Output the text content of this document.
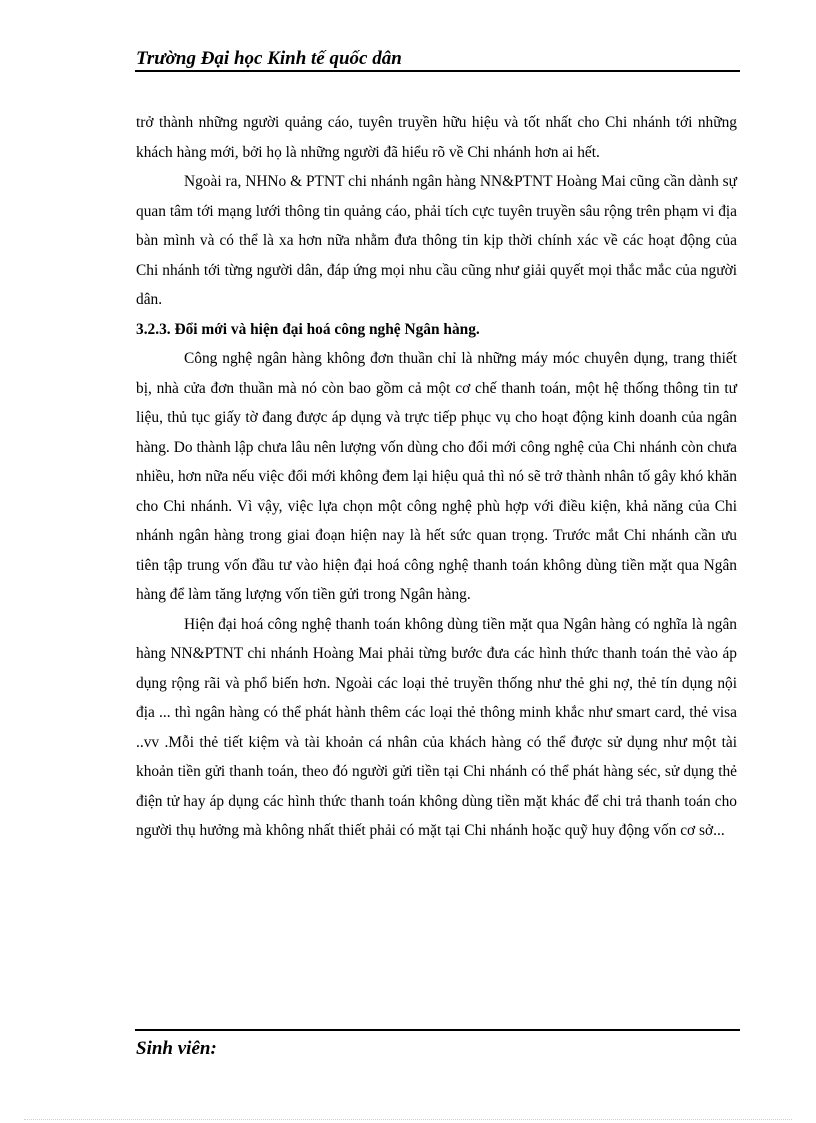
Trường Đại học Kinh tế quốc dân

trở thành những người quảng cáo, tuyên truyền hữu hiệu và tốt nhất cho Chi nhánh tới những khách hàng mới, bởi họ là những người đã hiểu rõ về Chi nhánh hơn ai hết.

Ngoài ra, NHNo & PTNT chi nhánh ngân hàng NN&PTNT Hoàng Mai cũng cần dành sự quan tâm tới mạng lưới thông tin quảng cáo, phải tích cực tuyên truyền sâu rộng trên phạm vi địa bàn mình và có thể là xa hơn nữa nhằm đưa thông tin kịp thời chính xác về các hoạt động của Chi nhánh tới từng người dân, đáp ứng mọi nhu cầu cũng như giải quyết mọi thắc mắc của người dân.

3.2.3. Đổi mới và hiện đại hoá công nghệ Ngân hàng.

Công nghệ ngân hàng không đơn thuần chỉ là những máy móc chuyên dụng, trang thiết bị, nhà cửa đơn thuần mà nó còn bao gồm cả một cơ chế thanh toán, một hệ thống thông tin tư liệu, thủ tục giấy tờ đang được áp dụng và trực tiếp phục vụ cho hoạt động kinh doanh của ngân hàng. Do thành lập chưa lâu nên lượng vốn dùng cho đổi mới công nghệ của Chi nhánh còn chưa nhiều, hơn nữa nếu việc đổi mới không đem lại hiệu quả thì nó sẽ trở thành nhân tố gây khó khăn cho Chi nhánh. Vì vậy, việc lựa chọn một công nghệ phù hợp với điều kiện, khả năng của Chi nhánh ngân hàng trong giai đoạn hiện nay là hết sức quan trọng. Trước mắt Chi nhánh cần ưu tiên tập trung vốn đầu tư vào hiện đại hoá công nghệ thanh toán không dùng tiền mặt qua Ngân hàng để làm tăng lượng vốn tiền gửi trong Ngân hàng.

Hiện đại hoá công nghệ thanh toán không dùng tiền mặt qua Ngân hàng có nghĩa là ngân hàng NN&PTNT chi nhánh Hoàng Mai phải từng bước đưa các hình thức thanh toán thẻ vào áp dụng rộng rãi và phổ biến hơn. Ngoài các loại thẻ truyền thống như thẻ ghi nợ, thẻ tín dụng nội địa ... thì ngân hàng có thể phát hành thêm các loại thẻ thông minh khắc như smart card, thẻ visa ..vv .Mỗi thẻ tiết kiệm và tài khoản cá nhân của khách hàng có thể được sử dụng như một tài khoản tiền gửi thanh toán, theo đó người gửi tiền tại Chi nhánh có thể phát hàng séc, sử dụng thẻ điện tử hay áp dụng các hình thức thanh toán không dùng tiền mặt khác để chi trả thanh toán cho người thụ hưởng mà không nhất thiết phải có mặt tại Chi nhánh hoặc quỹ huy động vốn cơ sở...

Sinh viên:
